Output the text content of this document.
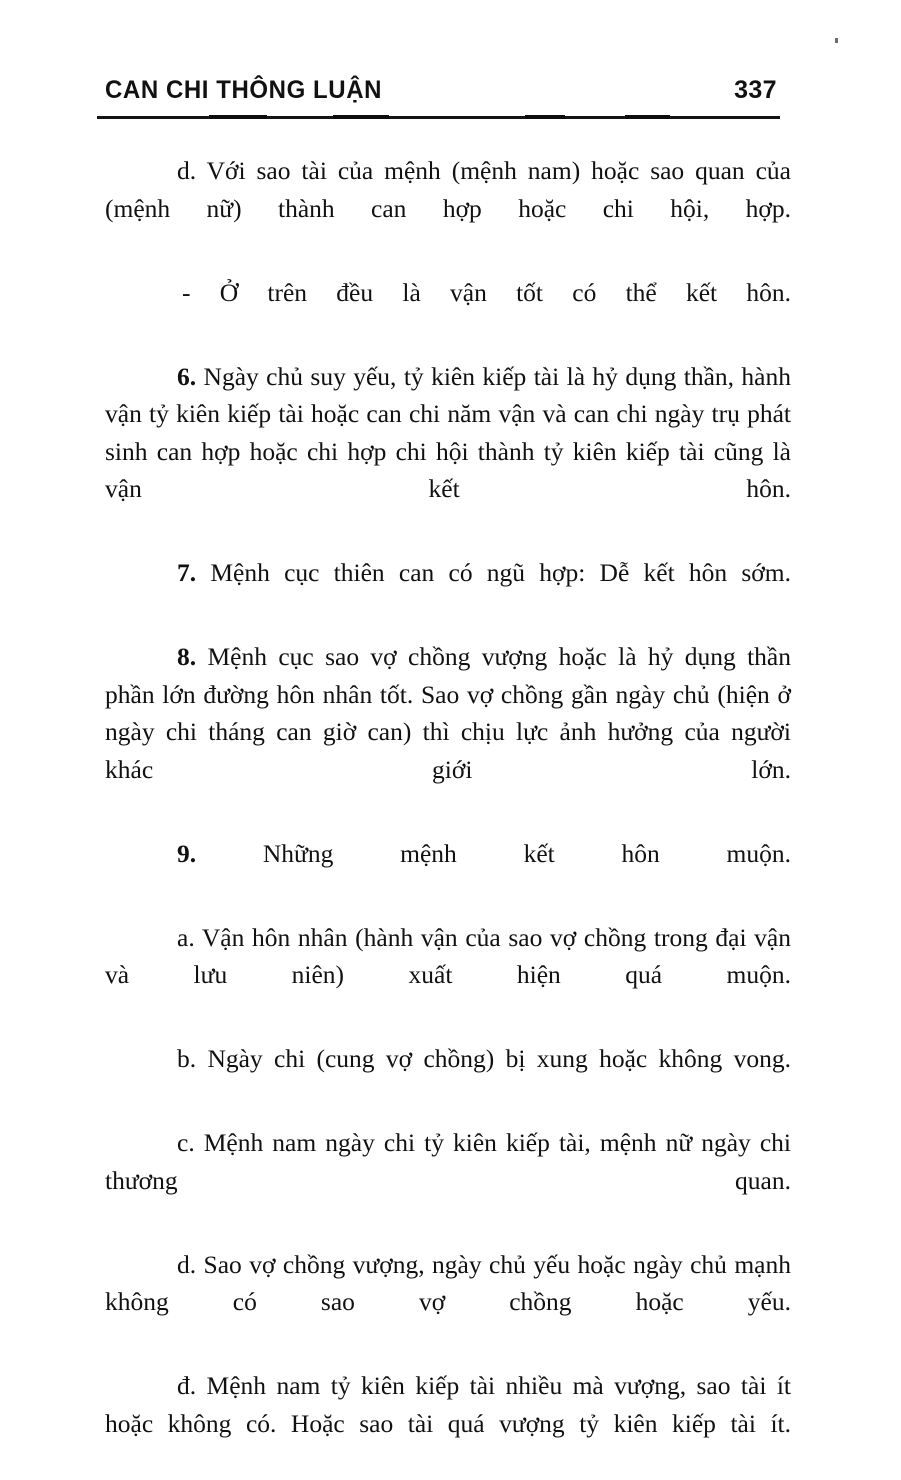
CAN CHI THÔNG LUẬN	337

d. Với sao tài của mệnh (mệnh nam) hoặc sao quan của (mệnh nữ) thành can hợp hoặc chi hội, hợp.

- Ở trên đều là vận tốt có thể kết hôn.

6. Ngày chủ suy yếu, tỷ kiên kiếp tài là hỷ dụng thần, hành vận tỷ kiên kiếp tài hoặc can chi năm vận và can chi ngày trụ phát sinh can hợp hoặc chi hợp chi hội thành tỷ kiên kiếp tài cũng là vận kết hôn.

7. Mệnh cục thiên can có ngũ hợp: Dễ kết hôn sớm.

8. Mệnh cục sao vợ chồng vượng hoặc là hỷ dụng thần phần lớn đường hôn nhân tốt. Sao vợ chồng gần ngày chủ (hiện ở ngày chi tháng can giờ can) thì chịu lực ảnh hưởng của người khác giới lớn.

9. Những mệnh kết hôn muộn.

a. Vận hôn nhân (hành vận của sao vợ chồng trong đại vận và lưu niên) xuất hiện quá muộn.

b. Ngày chi (cung vợ chồng) bị xung hoặc không vong.

c. Mệnh nam ngày chi tỷ kiên kiếp tài, mệnh nữ ngày chi thương quan.

d. Sao vợ chồng vượng, ngày chủ yếu hoặc ngày chủ mạnh không có sao vợ chồng hoặc yếu.

đ. Mệnh nam tỷ kiên kiếp tài nhiều mà vượng, sao tài ít hoặc không có. Hoặc sao tài quá vượng tỷ kiên kiếp tài ít.
